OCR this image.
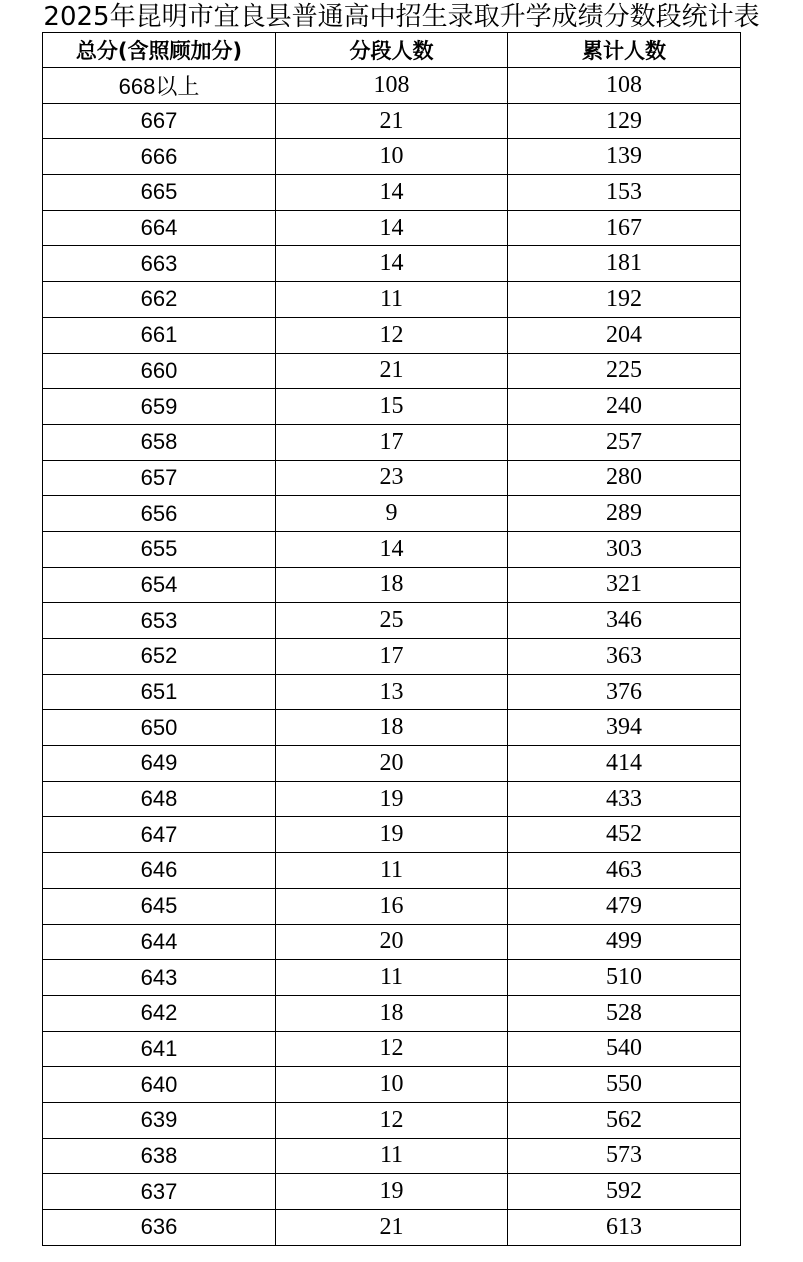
2025年昆明市宜良县普通高中招生录取升学成绩分数段统计表
总分(含照顾加分)	分段人数	累计人数
668以上	108	108
667	21	129
666	10	139
665	14	153
664	14	167
663	14	181
662	11	192
661	12	204
660	21	225
659	15	240
658	17	257
657	23	280
656	9	289
655	14	303
654	18	321
653	25	346
652	17	363
651	13	376
650	18	394
649	20	414
648	19	433
647	19	452
646	11	463
645	16	479
644	20	499
643	11	510
642	18	528
641	12	540
640	10	550
639	12	562
638	11	573
637	19	592
636	21	613
